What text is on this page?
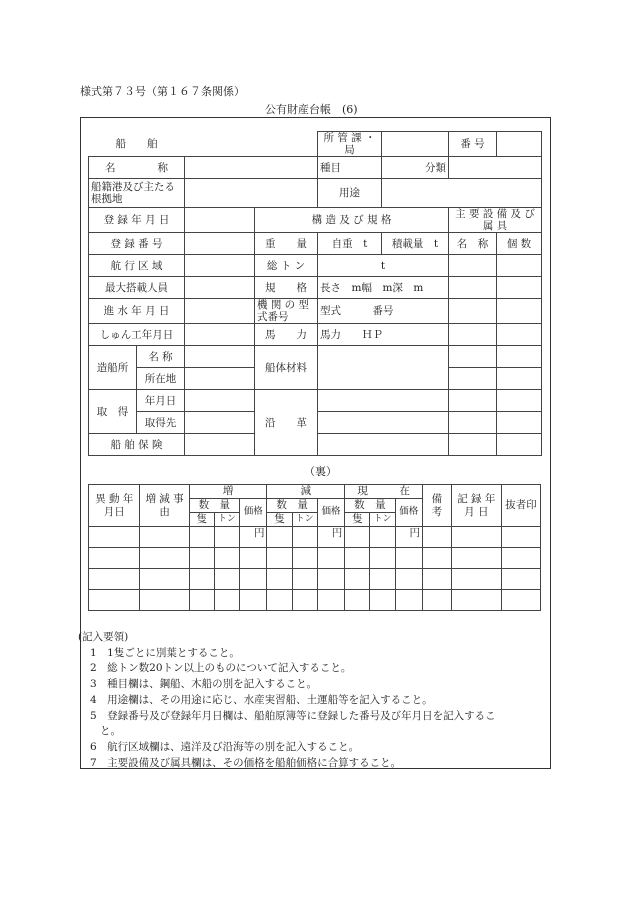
様式第７３号（第１６７条関係）
公有財産台帳　(6)
船　　舶				所 管 課 ・ 局		番 号	
名　　　　称				種目	分類		
船籍港及び主たる根拠地				用途			
登 録 年 月 日			構 造 及 び 規 格			主 要 設 備 及 び 属 具	
登 録 番 号			重　　量	自重　t	積載量　t	名　称	個 数
航 行 区 域			総 ト ン	t			
最大搭載人員			規　　格	長さ　m幅　m深　m			
進 水 年 月 日			機 関 の 型式番号	型式　　　番号			
しゅん工年月日			馬　　力	馬力　　ＨＰ			
造船所	名 称		船体材料				
	所在地						
取　得	年月日		沿　　革				
	取得先						
船 舶 保 険							
（裏）
異 動 年月日	増 減 事 由	増			減			現　　　在			備 考	記 録 年 月 日	抜者印
		数　量		価格	数　量		価格	数　量		価格			
		隻	トン		隻	トン		隻	トン				
				円			円			円			

(記入要領)
1　1隻ごとに別葉とすること。
2　総トン数20トン以上のものについて記入すること。
3　種目欄は、鋼船、木船の別を記入すること。
4　用途欄は、その用途に応じ、水産実習船、土運船等を記入すること。
5　登録番号及び登録年月日欄は、船舶原簿等に登録した番号及び年月日を記入するこ
と。
6　航行区域欄は、遠洋及び沿海等の別を記入すること。
7　主要設備及び属具欄は、その価格を船舶価格に合算すること。
